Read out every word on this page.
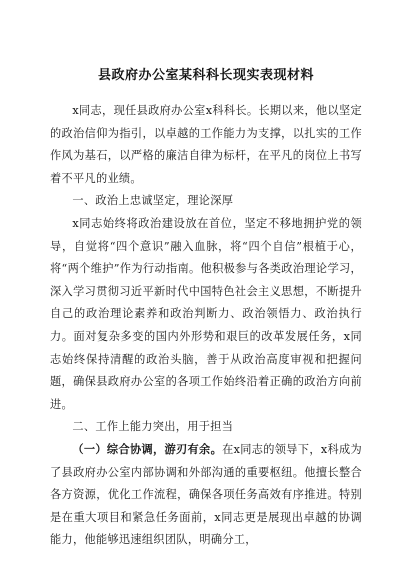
县政府办公室某科科长现实表现材料

x同志，现任县政府办公室x科科长。长期以来，他以坚定的政治信仰为指引，以卓越的工作能力为支撑，以扎实的工作作风为基石，以严格的廉洁自律为标杆，在平凡的岗位上书写着不平凡的业绩。

一、政治上忠诚坚定，理论深厚

x同志始终将政治建设放在首位，坚定不移地拥护党的领导，自觉将“四个意识”融入血脉，将“四个自信”根植于心，将“两个维护”作为行动指南。他积极参与各类政治理论学习，深入学习贯彻习近平新时代中国特色社会主义思想，不断提升自己的政治理论素养和政治判断力、政治领悟力、政治执行力。面对复杂多变的国内外形势和艰巨的改革发展任务，x同志始终保持清醒的政治头脑，善于从政治高度审视和把握问题，确保县政府办公室的各项工作始终沿着正确的政治方向前进。

二、工作上能力突出，用于担当

（一）综合协调，游刃有余。在x同志的领导下，x科成为了县政府办公室内部协调和外部沟通的重要枢纽。他擅长整合各方资源，优化工作流程，确保各项任务高效有序推进。特别是在重大项目和紧急任务面前，x同志更是展现出卓越的协调能力，他能够迅速组织团队，明确分工，
